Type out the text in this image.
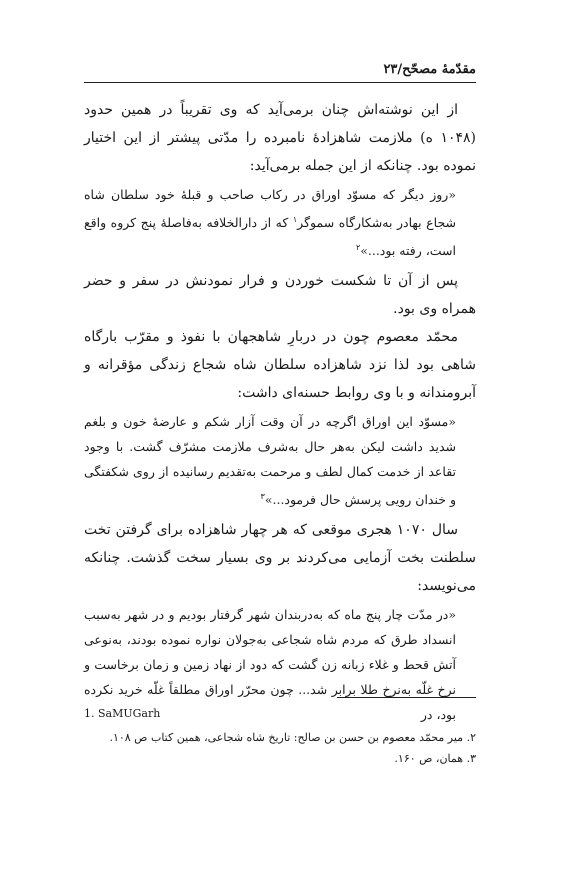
مقدّمهٔ مصحّح/۲۳

از این نوشته‌اش چنان برمی‌آید که وی تقریباً در همین حدود (۱۰۴۸ ه) ملازمت شاهزادهٔ نامبرده را مدّتی پیشتر از این اختیار نموده بود. چنانکه از این جمله برمی‌آید:

«روز دیگر که مسوّد اوراق در رکاب صاحب و قبلهٔ خود سلطان شاه شجاع بهادر به‌شکارگاه سموگر$^۱$ که از دارالخلافه به‌فاصلهٔ پنج کروه واقع است، رفته بود...»$^۲$

پس از آن تا شکست خوردن و فرار نمودنش در سفر و حضر همراه وی بود.

محمّد معصوم چون در دربارِ شاهجهان با نفوذ و مقرّب بارگاه شاهی بود لذا نزد شاهزاده سلطان شاه شجاع زندگی مؤقرانه و آبرومندانه و با وی روابط حسنه‌ای داشت:

«مسوّد این اوراق اگرچه در آن وقت آزار شکم و عارضهٔ خون و بلغم شدید داشت لیکن به‌هر حال به‌شرف ملازمت مشرّف گشت. با وجود تقاعد از خدمت کمال لطف و مرحمت به‌تقدیم رسانیده از روی شکفتگی و خندان رویی پرسش حال فرمود...»$^۳$

سال ۱۰۷۰ هجری موقعی که هر چهار شاهزاده برای گرفتن تخت سلطنت بخت آزمایی می‌کردند بر وی بسیار سخت گذشت. چنانکه می‌نویسد:

«در مدّت چار پنج ماه که به‌دربندان شهر گرفتار بودیم و در شهر به‌سبب انسداد طرق که مردم شاه شجاعی به‌جولان نواره نموده بودند، به‌نوعی آتش قحط و غلاء زبانه زن گشت که دود از نهاد زمین و زمان برخاست و نرخ غلّه به‌نرخ طلا برابر شد... چون محرّر اوراق مطلقاً غلّه خرید نکرده بود، در
1. SaMUGarh
۲. میر محمّد معصوم بن حسن بن صالح: تاریخ شاه شجاعی، همین کتاب ص ۱۰۸.
۳. همان، ص ۱۶۰.
